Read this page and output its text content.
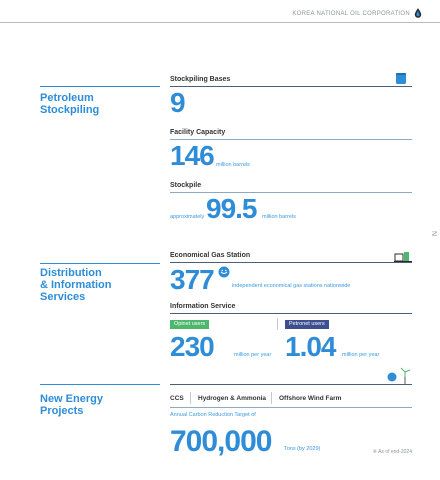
KOREA NATIONAL OIL CORPORATION
N
Petroleum
Stockpiling
Stockpiling Bases
9
Facility Capacity
146 million barrels
Stockpile
approximately 99.5 million barrels
Distribution
& Information
Services
Economical Gas Station
377	independent economical gas stations nationwide
Information Service
Opinet users	Petronet users
230	million per year 1.04 million per year
New Energy
Projects
CCS Hydrogen & Ammonia Offshore Wind Farm
Annual Carbon Reduction Target of
700,000 Tons (by 2029)	※ As of end-2024
